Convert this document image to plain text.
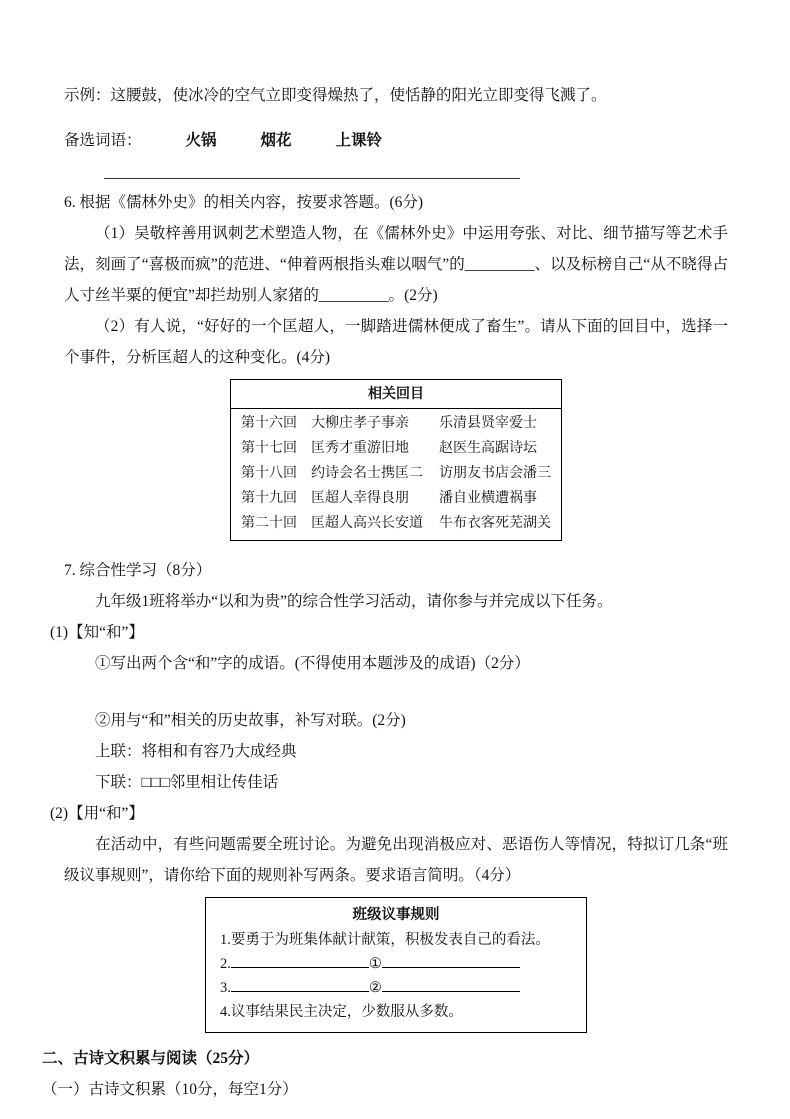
示例：这腰鼓，使冰冷的空气立即变得燥热了，使恬静的阳光立即变得飞溅了。

备选词语：	火锅	烟花	上课铃

6. 根据《儒林外史》的相关内容，按要求答题。(6分)

（1）吴敬梓善用讽刺艺术塑造人物，在《儒林外史》中运用夸张、对比、细节描写等艺术手法，刻画了“喜极而疯”的范进、“伸着两根指头难以咽气”的_________、以及标榜自己“从不晓得占人寸丝半粟的便宜”却拦劫别人家猪的_________。(2分)

（2）有人说，“好好的一个匡超人，一脚踏进儒林便成了畜生”。请从下面的回目中，选择一个事件，分析匡超人的这种变化。(4分)

相关回目
第十六回	大柳庄孝子事亲	乐清县贤宰爱士
第十七回	匡秀才重游旧地	赵医生高踞诗坛
第十八回	约诗会名士携匡二	访朋友书店会潘三
第十九回	匡超人幸得良朋	潘自业横遭祸事
第二十回	匡超人高兴长安道	牛布衣客死芜湖关

7. 综合性学习（8分）

九年级1班将举办“以和为贵”的综合性学习活动，请你参与并完成以下任务。

(1)【知“和”】

①写出两个含“和”字的成语。(不得使用本题涉及的成语)（2分）

②用与“和”相关的历史故事，补写对联。(2分)

上联：将相和有容乃大成经典

下联：□□□邻里相让传佳话

(2)【用“和”】

在活动中，有些问题需要全班讨论。为避免出现消极应对、恶语伤人等情况，特拟订几条“班级议事规则”，请你给下面的规则补写两条。要求语言简明。（4分）

班级议事规则
1.要勇于为班集体献计献策，积极发表自己的看法。
2.	①
3.	②
4.议事结果民主决定，少数服从多数。

二、古诗文积累与阅读（25分）

（一）古诗文积累（10分，每空1分）
